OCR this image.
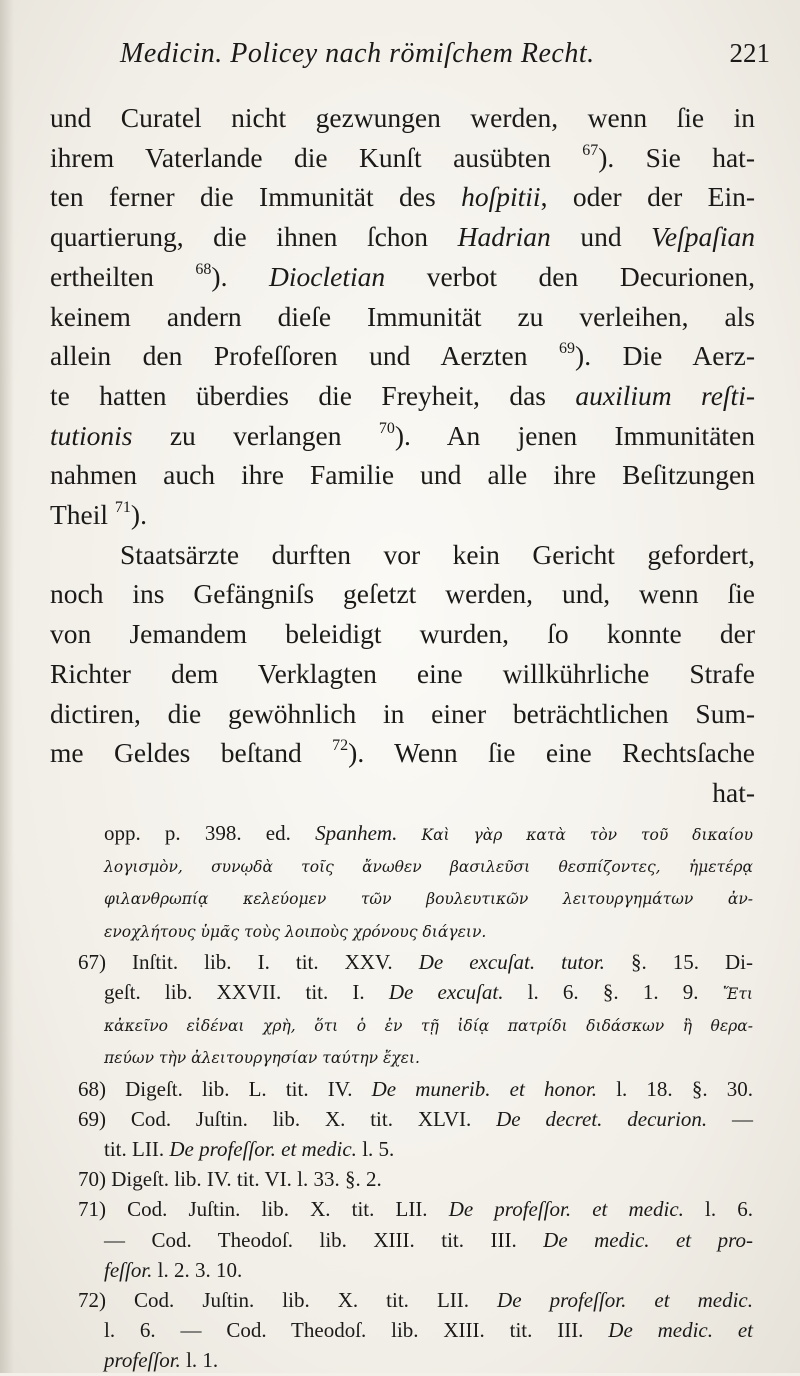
Medicin. Policey nach römiſchem Recht.	221
und Curatel nicht gezwungen werden, wenn ſie in
ihrem Vaterlande die Kunſt ausübten $^{67}$). Sie hat-
ten ferner die Immunität des hoſpitii, oder der Ein-
quartierung, die ihnen ſchon Hadrian und Veſpaſian
ertheilten $^{68}$). Diocletian verbot den Decurionen,
keinem andern dieſe Immunität zu verleihen, als
allein den Profeſſoren und Aerzten $^{69}$). Die Aerz-
te hatten überdies die Freyheit, das auxilium reſti-
tutionis zu verlangen $^{70}$). An jenen Immunitäten
nahmen auch ihre Familie und alle ihre Beſitzungen
Theil $^{71}$).
Staatsärzte durften vor kein Gericht gefordert,
noch ins Gefängniſs geſetzt werden, und, wenn ſie
von Jemandem beleidigt wurden, ſo konnte der
Richter dem Verklagten eine willkührliche Strafe
dictiren, die gewöhnlich in einer beträchtlichen Sum-
me Geldes beſtand $^{72}$). Wenn ſie eine Rechtsſache
hat-
opp. p. 398. ed. Spanhem. Καὶ γὰρ κατὰ τὸν τοῦ δικαίου
λογισμὸν, συνῳδὰ τοῖς ἄνωθεν βασιλεῦσι θεσπίζοντες, ἡμετέρᾳ
φιλανθρωπίᾳ κελεύομεν τῶν βουλευτικῶν λειτουργημάτων ἀν-
ενοχλήτους ὑμᾶς τοὺς λοιποὺς χρόνους διάγειν.
67) Inſtit. lib. I. tit. XXV. De excuſat. tutor. §. 15. Di-
geſt. lib. XXVII. tit. I. De excuſat. l. 6. §. 1. 9. Ἔτι
κἀκεῖνο εἰδέναι χρὴ, ὅτι ὁ ἐν τῇ ἰδίᾳ πατρίδι διδάσκων ἢ θερα-
πεύων τὴν ἀλειτουργησίαν ταύτην ἔχει.
68) Digeſt. lib. L. tit. IV. De munerib. et honor. l. 18. §. 30.
69) Cod. Juſtin. lib. X. tit. XLVI. De decret. decurion. —
tit. LII. De profeſſor. et medic. l. 5.
70) Digeſt. lib. IV. tit. VI. l. 33. §. 2.
71) Cod. Juſtin. lib. X. tit. LII. De profeſſor. et medic. l. 6.
— Cod. Theodoſ. lib. XIII. tit. III. De medic. et pro-
feſſor. l. 2. 3. 10.
72) Cod. Juſtin. lib. X. tit. LII. De profeſſor. et medic.
l. 6. — Cod. Theodoſ. lib. XIII. tit. III. De medic. et
profeſſor. l. 1.
